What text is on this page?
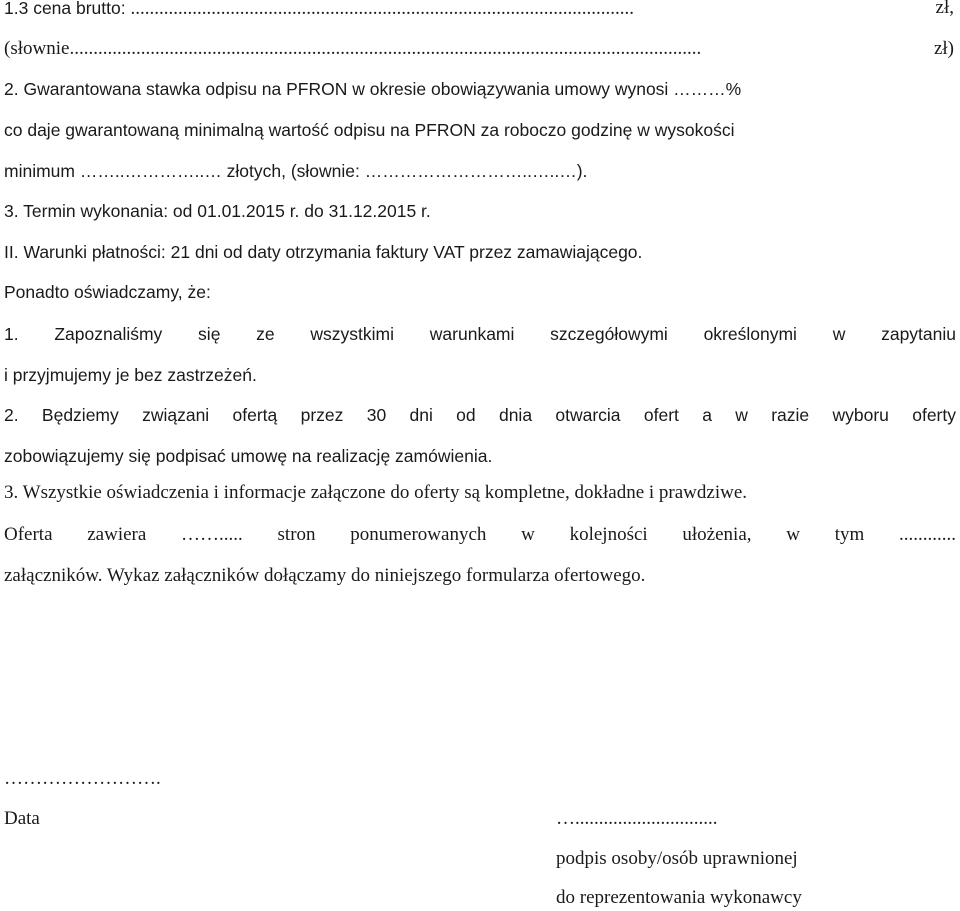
1.3 cena brutto: ..........................................................................................................	zł,
(słownie.....................................................................................................................................	zł)
2. Gwarantowana stawka odpisu na PFRON w okresie obowiązywania umowy wynosi ………%
co daje gwarantowaną minimalną wartość odpisu na PFRON za roboczo godzinę w wysokości
minimum ……..…………..… złotych, (słownie: ………………………..…..…).
3. Termin wykonania: od 01.01.2015 r. do 31.12.2015 r.
II. Warunki płatności: 21 dni od daty otrzymania faktury VAT przez zamawiającego.
Ponadto oświadczamy, że:
1. Zapoznaliśmy się ze wszystkimi warunkami szczegółowymi określonymi w zapytaniu
i przyjmujemy je bez zastrzeżeń.
2. Będziemy związani ofertą przez 30 dni od dnia otwarcia ofert a w razie wyboru oferty
zobowiązujemy się podpisać umowę na realizację zamówienia.
3. Wszystkie oświadczenia i informacje załączone do oferty są kompletne, dokładne i prawdziwe.
Oferta zawiera ……..... stron ponumerowanych w kolejności ułożenia, w tym ............
załączników. Wykaz załączników dołączamy do niniejszego formularza ofertowego.
…………………….
Data	…..............................
podpis osoby/osób uprawnionej
do reprezentowania wykonawcy
